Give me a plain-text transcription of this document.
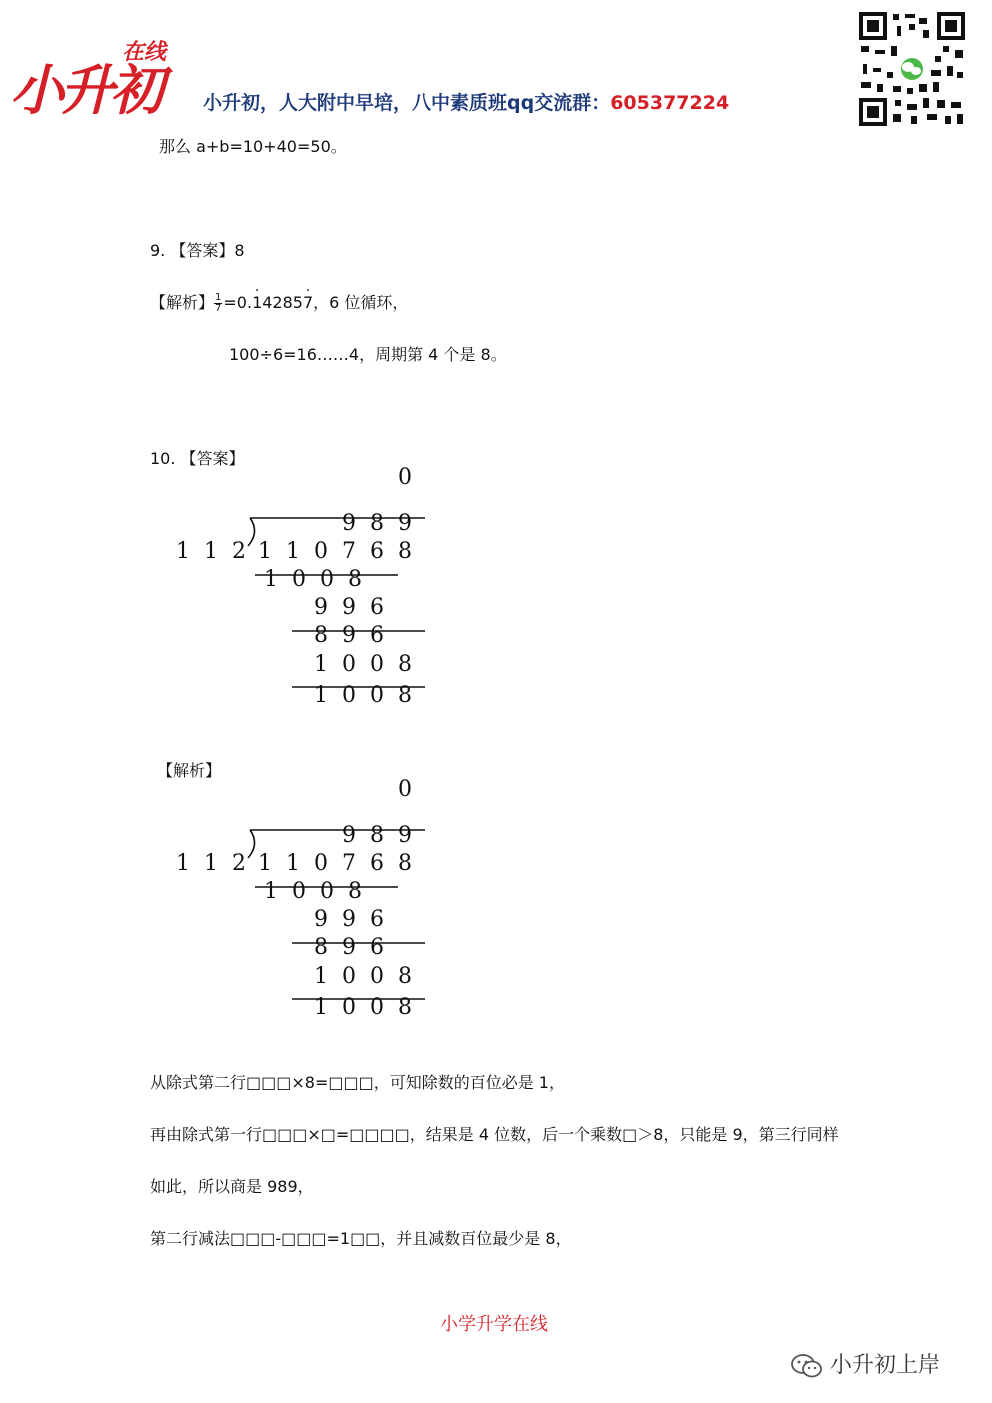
在线
小升初 小升初，人大附中早培，八中素质班qq交流群：605377224
那么 a+b=10+40=50。
9. 【答案】8
【解析】 $\frac{1}{7} =0.1 \cdot 42857$ ·，6 位循环，
100÷6=16……4，周期第 4 个是 8。
10. 【答案】
9 8 9
1 1 2 1 1 0 7 6 8
1 0 0 8
9 9 6
8 9 6
1 0 0 8
1 0 0 8
0
【解析】
9 8 9
1 1 2 1 1 0 7 6 8
1 0 0 8
9 9 6
8 9 6
1 0 0 8
1 0 0 8
0
从除式第二行□□□×8=□□□，可知除数的百位必是 1，
再由除式第一行□□□×□=□□□□，结果是 4 位数，后一个乘数□＞8，只能是 9，第三行同样
如此，所以商是 989，
第二行减法□□□-□□□=1□□，并且减数百位最少是 8，
小学升学在线
小升初上岸
